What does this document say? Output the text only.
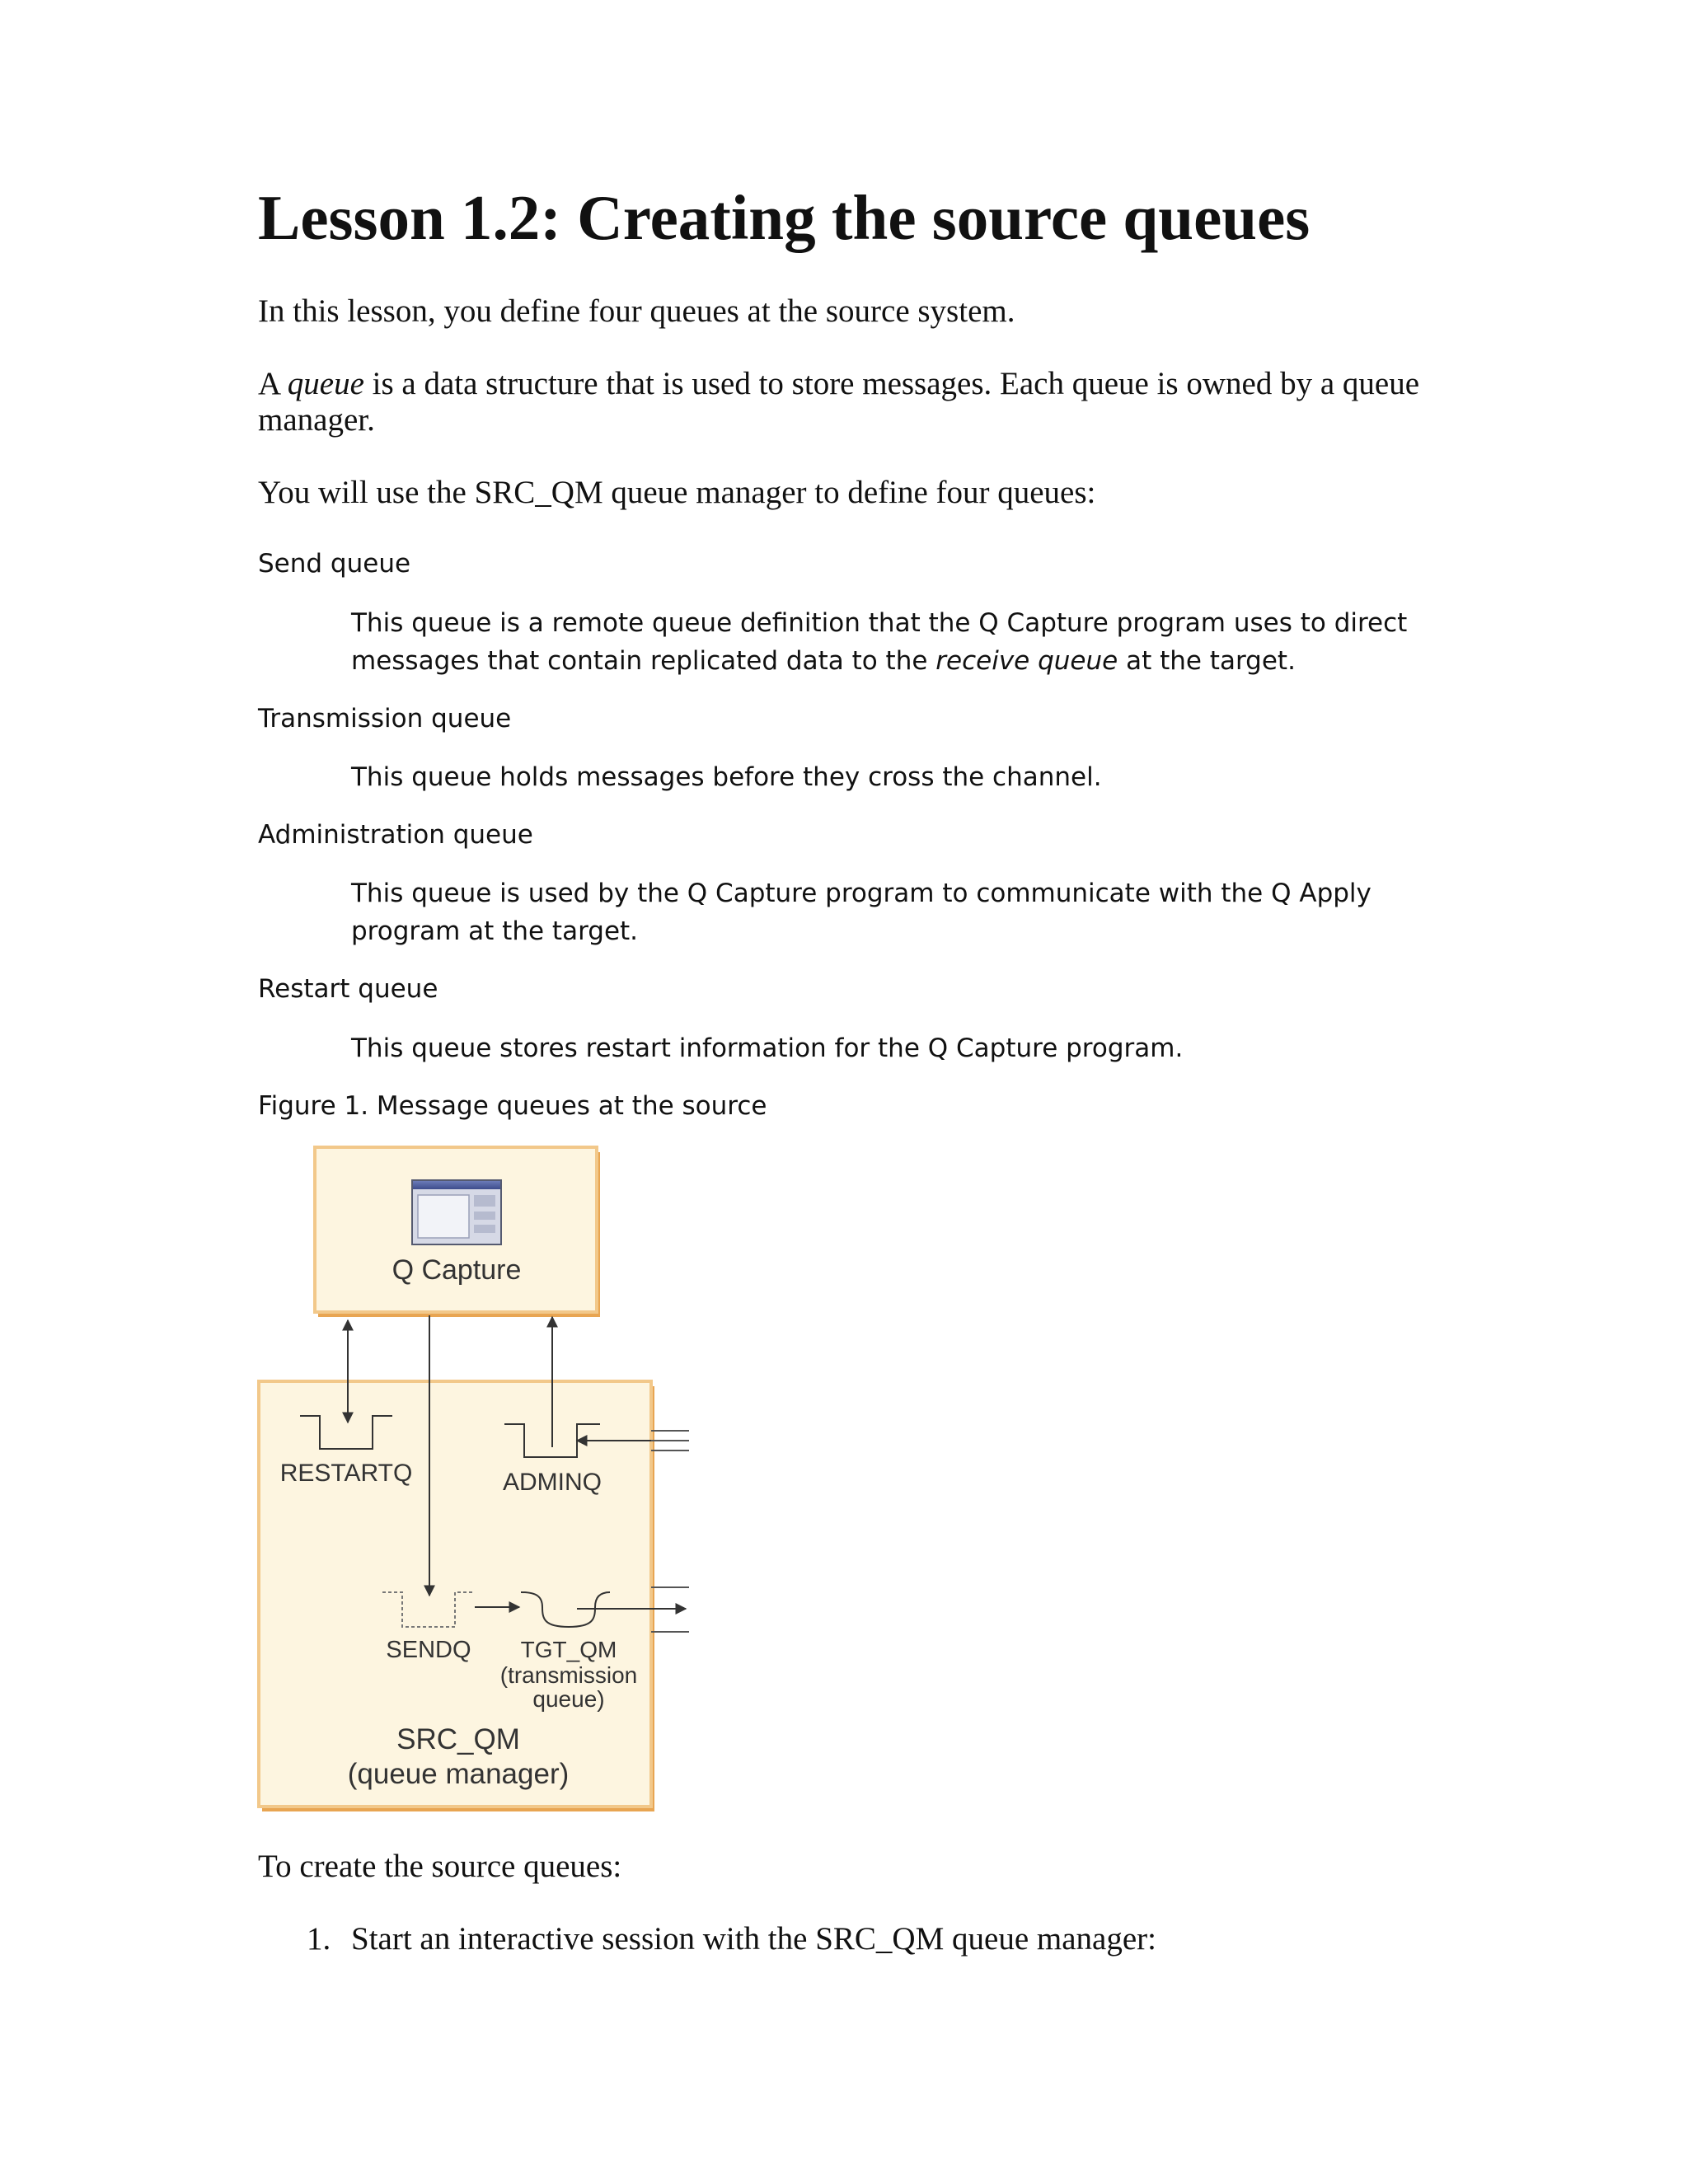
Lesson 1.2: Creating the source queues

In this lesson, you define four queues at the source system.

A queue is a data structure that is used to store messages. Each queue is owned by a queue manager.

You will use the SRC_QM queue manager to define four queues:

Send queue
This queue is a remote queue definition that the Q Capture program uses to direct messages that contain replicated data to the receive queue at the target.
Transmission queue
This queue holds messages before they cross the channel.
Administration queue
This queue is used by the Q Capture program to communicate with the Q Apply program at the target.
Restart queue
This queue stores restart information for the Q Capture program.
Figure 1. Message queues at the source
Q Capture
RESTARTQ	ADMINQ
SENDQ TGT_QM
(transmission
queue)
SRC_QM
(queue manager)

To create the source queues:

1. Start an interactive session with the SRC_QM queue manager:
